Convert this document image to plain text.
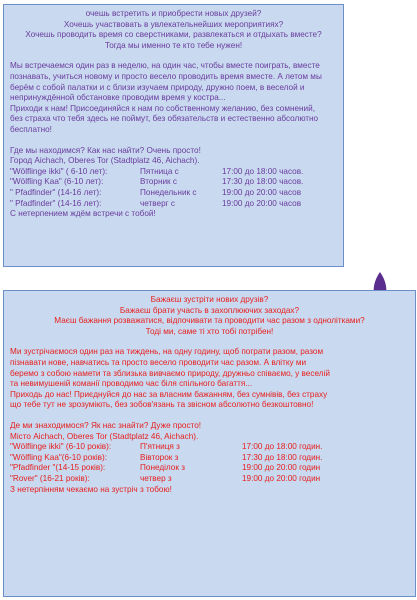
очешь встретить и приобрести новых друзей?
Хочешь участвовать в увлекательнейших мероприятиях?
Хочешь проводить время со сверстниками, развлекаться и отдыхать вместе?
Тогда мы именно те кто тебе нужен!
Мы встречаемся один раз в неделю, на один час, чтобы вместе поиграть, вместе
познавать, учиться новому и просто весело проводить время вместе. А летом мы
берём с собой палатки и с близи изучаем природу, дружно поем, в веселой и
непринуждённой обстановке проводим время у костра...
Приходи к нам! Присоединяйся к нам по собственному желанию, без сомнений,
без страха что тебя здесь не поймут, без обязательств и естественно абсолютно
бесплатно!
Где мы находимся? Как нас найти? Очень просто!
Город Aichach, Oberes Tor (Stadtplatz 46, Aichach).
"Wölflinge ikki" ( 6-10 лет):	Пятница с	17:00 до 18:00 часов.
"Wölfling Kaa" (6-10 лет):	Вторник с	17:30 до 18:00 часов.
" Pfadfinder" (14-16 лет):	Понедельник с	19:00 до 20:00 часов
" Pfadfinder" (14-16 лет):	четверг с	19:00 до 20:00 часов
С нетерпением ждём встречи с тобой!
Бажаєш зустріти нових друзів?
Бажаєш брати участь в захоплюючих заходах?
Маєш бажання розважатися, відпочивати та проводити час разом з однолітками?
Тоді ми, саме ті хто тобі потрібен!
Ми зустрічаємося один раз на тиждень, на одну годину, щоб пограти разом, разом
пізнавати нове, навчатись та просто весело проводити час разом. А влітку ми
беремо з собою намети та зблизька вивчаємо природу, дружньо співаємо, у веселій
та невимушеній команії проводимо час біля спільного багаття...
Приходь до нас! Приєднуйся до нас за власним бажанням, без сумнівів, без страху
що тебе тут не зрозуміють, без зобов'язань та звісном абсолютно безкоштовно!
Де ми знаходимося? Як нас знайти? Дуже просто!
Місто Aichach, Oberes Tor (Stadtplatz 46, Aichach).
"Wölflinge ikki" (6-10 років):	П'ятниця з	17:00 до 18:00 годин.
"Wölfling Kaa"(6-10 років):	Вівторок з	17:30 до 18:00 годин.
"Pfadfinder "(14-15 років):	Понеділок з	19:00 до 20:00 годин
"Rover" (16-21 років):	четвер з	19:00 до 20:00 годин
З нетерпінням чекаємо на зустріч з тобою!
